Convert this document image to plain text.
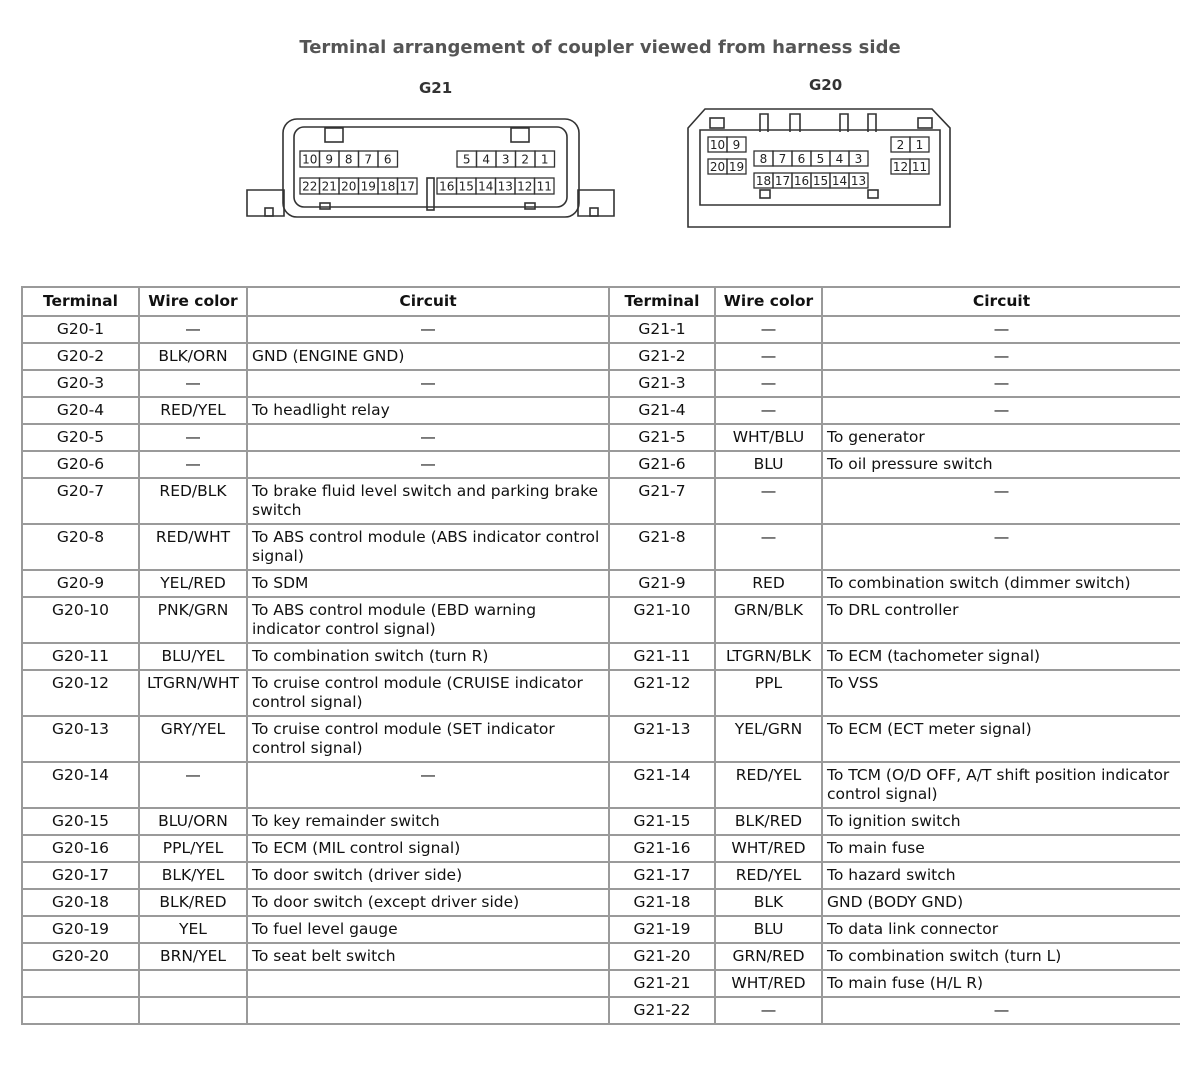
Terminal arrangement of coupler viewed from harness side
G21	G20
10 9 8 7 6	5 4 3 2 1
22 21 20 19 18 17 16 15 14 13 12 11
10 9
20 19
8 7 6 5 4 3
18 17 16 15 14 13
2 1
12 11
Terminal	Wire color	Circuit	Terminal	Wire color	Circuit
G20-1	—	—	G21-1	—	—
G20-2	BLK/ORN	GND (ENGINE GND)	G21-2	—	—
G20-3	—	—	G21-3	—	—
G20-4	RED/YEL	To headlight relay	G21-4	—	—
G20-5	—	—	G21-5	WHT/BLU	To generator
G20-6	—	—	G21-6	BLU	To oil pressure switch
G20-7	RED/BLK	To brake fluid level switch and parking brake switch	G21-7	—	—
G20-8	RED/WHT	To ABS control module (ABS indicator control signal)	G21-8	—	—
G20-9	YEL/RED	To SDM	G21-9	RED	To combination switch (dimmer switch)
G20-10	PNK/GRN	To ABS control module (EBD warning indicator control signal)	G21-10	GRN/BLK	To DRL controller
G20-11	BLU/YEL	To combination switch (turn R)	G21-11	LTGRN/BLK	To ECM (tachometer signal)
G20-12	LTGRN/WHT	To cruise control module (CRUISE indicator control signal)	G21-12	PPL	To VSS
G20-13	GRY/YEL	To cruise control module (SET indicator control signal)	G21-13	YEL/GRN	To ECM (ECT meter signal)
G20-14	—	—	G21-14	RED/YEL	To TCM (O/D OFF, A/T shift position indicator control signal)
G20-15	BLU/ORN	To key remainder switch	G21-15	BLK/RED	To ignition switch
G20-16	PPL/YEL	To ECM (MIL control signal)	G21-16	WHT/RED	To main fuse
G20-17	BLK/YEL	To door switch (driver side)	G21-17	RED/YEL	To hazard switch
G20-18	BLK/RED	To door switch (except driver side)	G21-18	BLK	GND (BODY GND)
G20-19	YEL	To fuel level gauge	G21-19	BLU	To data link connector
G20-20	BRN/YEL	To seat belt switch	G21-20	GRN/RED	To combination switch (turn L)
			G21-21	WHT/RED	To main fuse (H/L R)
			G21-22	—	—
